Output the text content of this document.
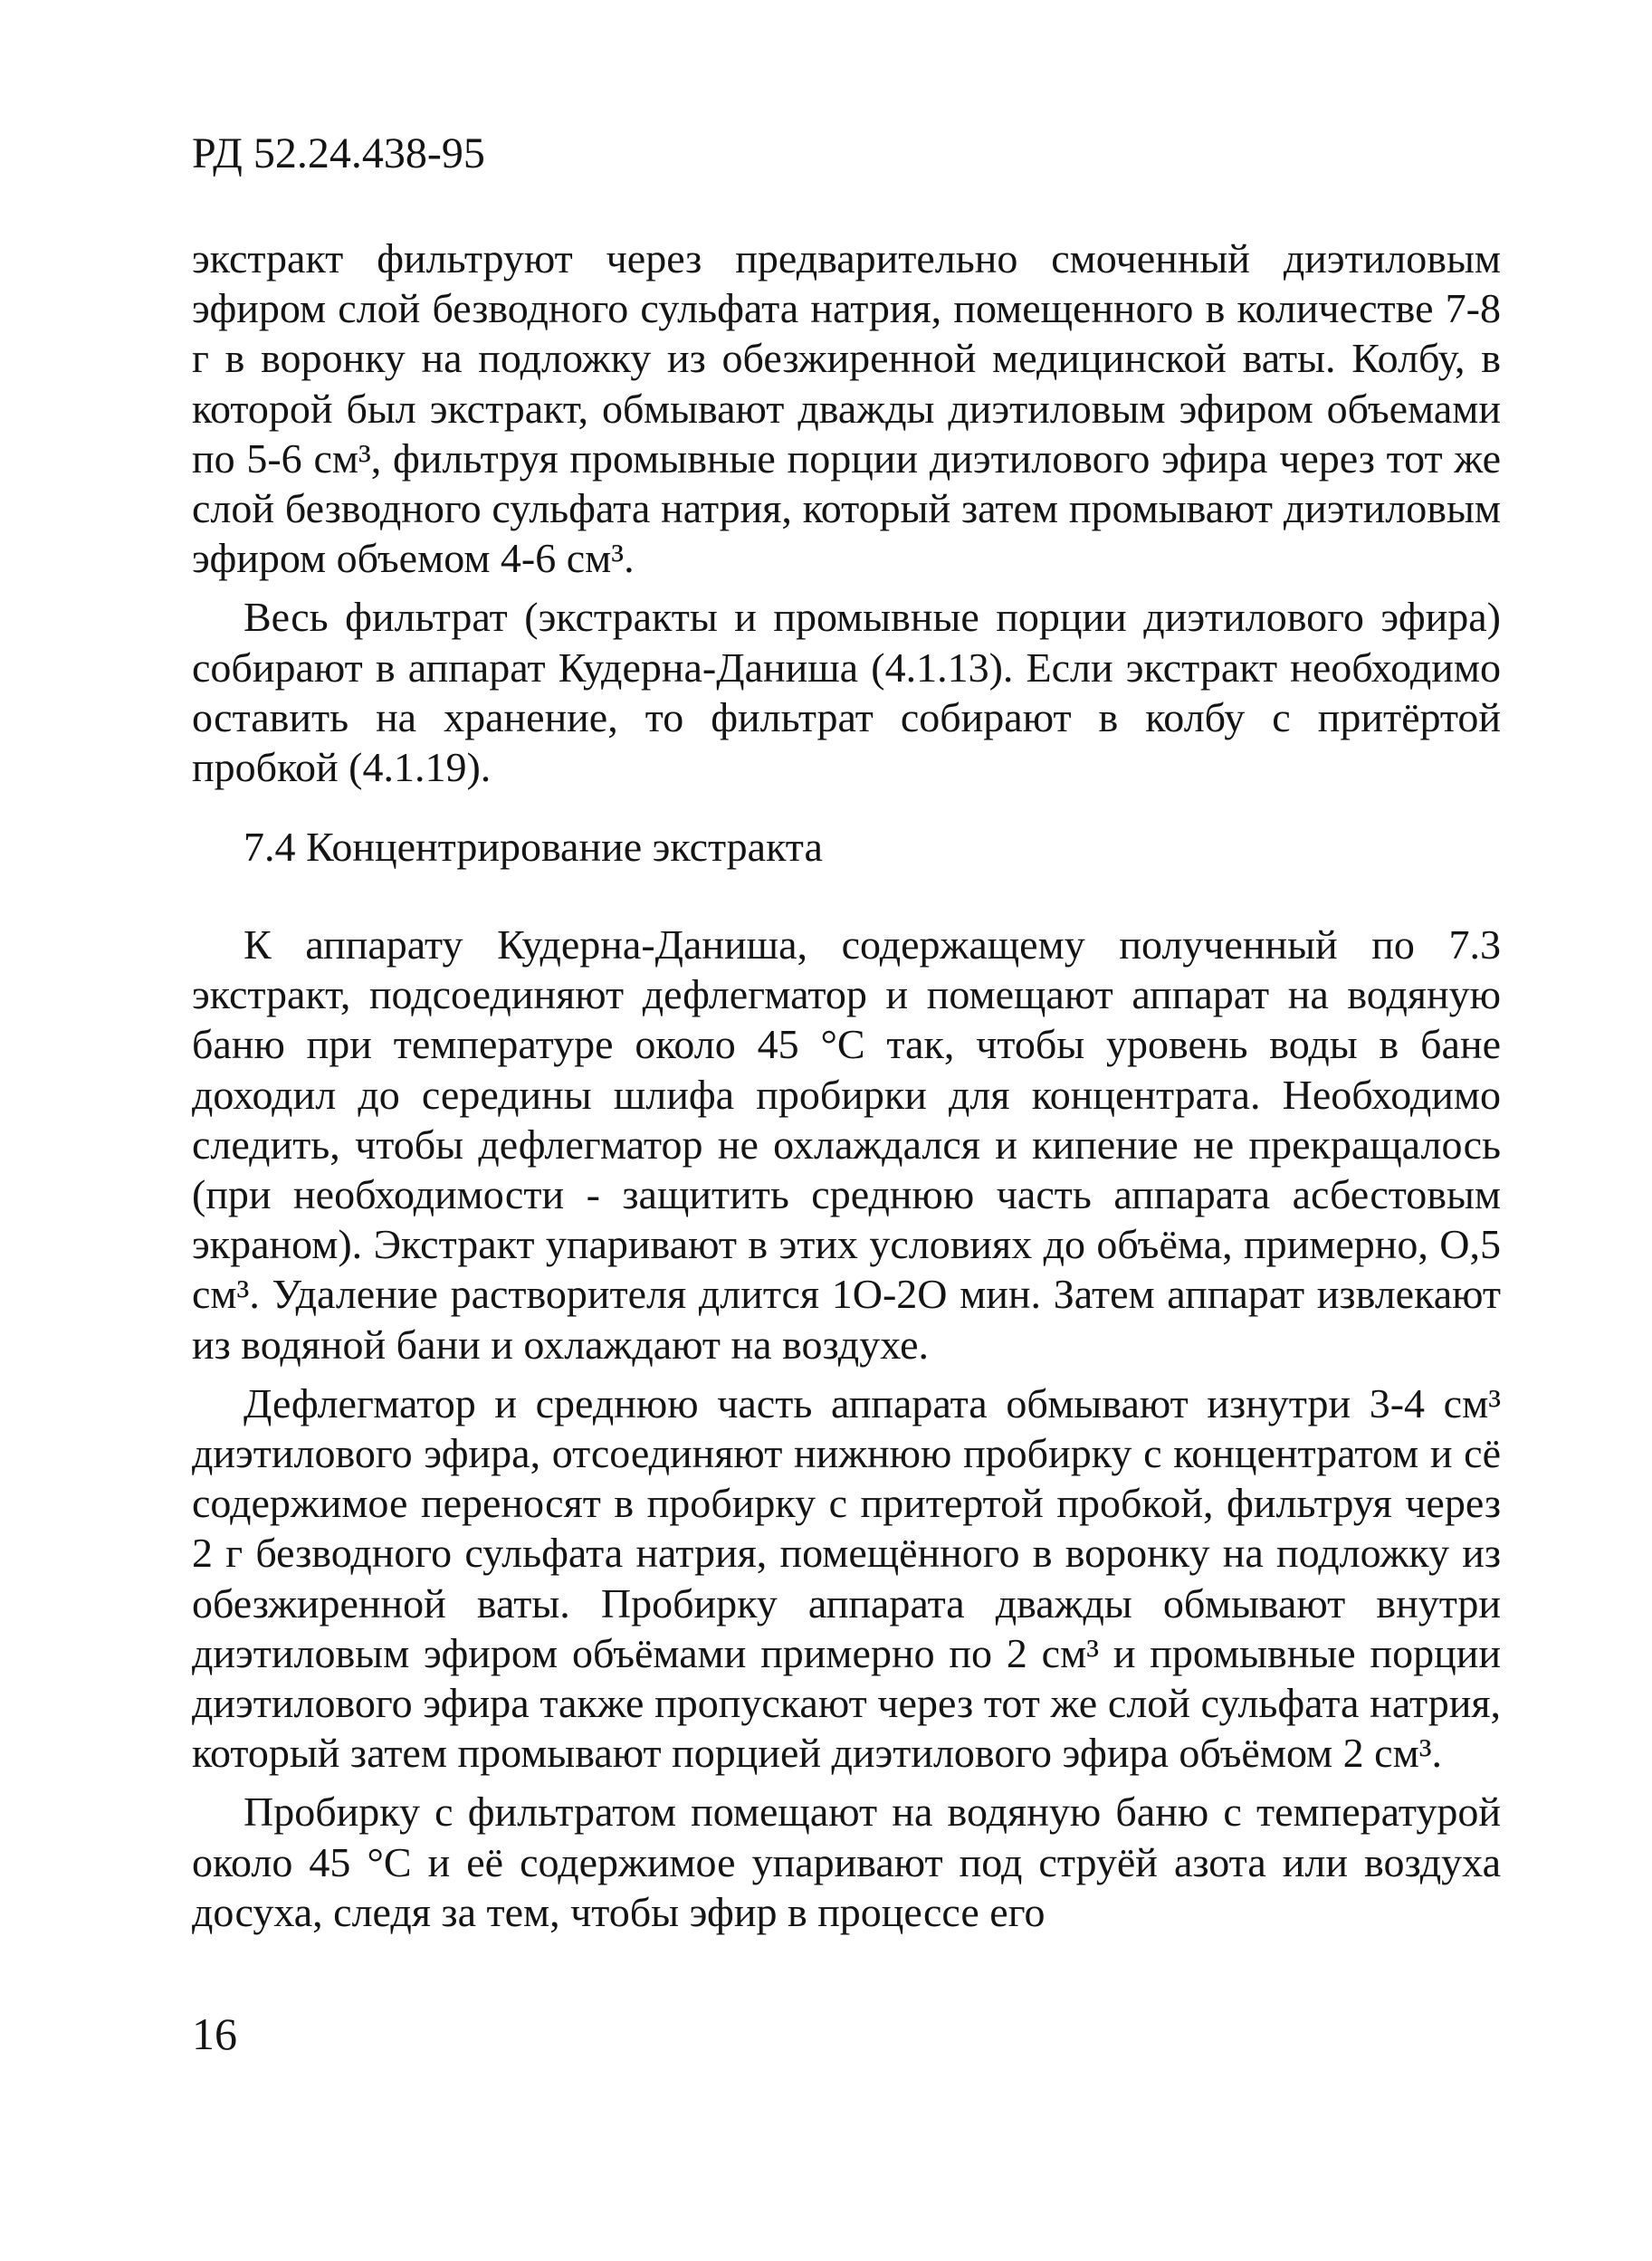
РД 52.24.438-95

экстракт фильтруют через предварительно смоченный диэтиловым эфиром слой безводного сульфата натрия, помещенного в количестве 7-8 г в воронку на подложку из обезжиренной медицинской ваты. Колбу, в которой был экстракт, обмывают дважды диэтиловым эфиром объемами по 5-6 см³, фильтруя промывные порции диэтилового эфира через тот же слой безводного сульфата натрия, который затем промывают диэтиловым эфиром объемом 4-6 см³.

Весь фильтрат (экстракты и промывные порции диэтилового эфира) собирают в аппарат Кудерна-Даниша (4.1.13). Если экстракт необходимо оставить на хранение, то фильтрат собирают в колбу с притёртой пробкой (4.1.19).

7.4 Концентрирование экстракта

К аппарату Кудерна-Даниша, содержащему полученный по 7.3 экстракт, подсоединяют дефлегматор и помещают аппарат на водяную баню при температуре около 45 °С так, чтобы уровень воды в бане доходил до середины шлифа пробирки для концентрата. Необходимо следить, чтобы дефлегматор не охлаждался и кипение не прекращалось (при необходимости - защитить среднюю часть аппарата асбестовым экраном). Экстракт упаривают в этих условиях до объёма, примерно, О,5 см³. Удаление растворителя длится 1О-2О мин. Затем аппарат извлекают из водяной бани и охлаждают на воздухе.

Дефлегматор и среднюю часть аппарата обмывают изнутри 3-4 см³ диэтилового эфира, отсоединяют нижнюю пробирку с концентратом и сё содержимое переносят в пробирку с притертой пробкой, фильтруя через 2 г безводного сульфата натрия, помещённого в воронку на подложку из обезжиренной ваты. Пробирку аппарата дважды обмывают внутри диэтиловым эфиром объёмами примерно по 2 см³ и промывные порции диэтилового эфира также пропускают через тот же слой сульфата натрия, который затем промывают порцией диэтилового эфира объёмом 2 см³.

Пробирку с фильтратом помещают на водяную баню с температурой около 45 °С и её содержимое упаривают под струёй азота или воздуха досуха, следя за тем, чтобы эфир в процессе его

16
